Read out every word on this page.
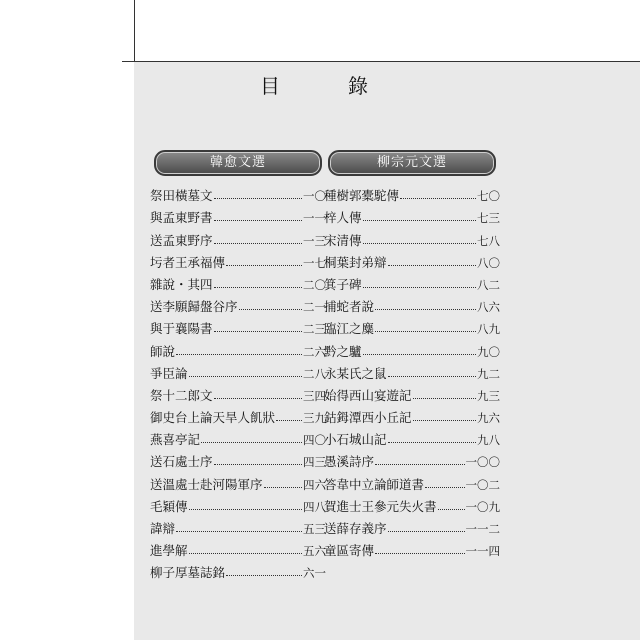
目　錄
韓愈文選
祭田橫墓文	一〇
與孟東野書	一一
送孟東野序	一三
圬者王承福傳	一七
雜說・其四	二〇
送李願歸盤谷序	二一
與于襄陽書	二三
師說	二六
爭臣論	二八
祭十二郎文	三四
御史台上論天旱人飢狀 三九
燕喜亭記	四〇
送石處士序	四三
送溫處士赴河陽軍序	四六
毛穎傳	四八
諱辯	五三
進學解	五六
柳子厚墓誌銘	六一
柳宗元文選
種樹郭橐駝傳	七〇
梓人傳	七三
宋清傳	七八
桐葉封弟辯	八〇
箕子碑	八二
捕蛇者說	八六
臨江之麋	八九
黔之驢	九〇
永某氏之鼠	九二
始得西山宴遊記	九三
鈷鉧潭西小丘記	九六
小石城山記	九八
愚溪詩序	一〇〇
答韋中立論師道書	一〇二
賀進士王參元失火書	一〇九
送薛存義序	一一二
童區寄傳	一一四
